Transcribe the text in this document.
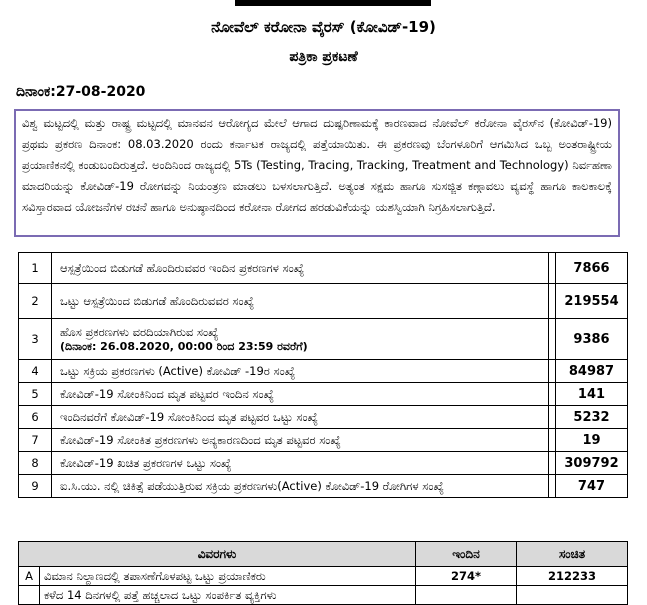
ನೋವೆಲ್ ಕರೋನಾ ವೈರಸ್ (ಕೋವಿಡ್-19)
ಪತ್ರಿಕಾ ಪ್ರಕಟಣೆ
ದಿನಾಂಕ:27-08-2020
ವಿಶ್ವ ಮಟ್ಟದಲ್ಲಿ ಮತ್ತು ರಾಷ್ಟ್ರ ಮಟ್ಟದಲ್ಲಿ ಮಾನವನ ಆರೋಗ್ಯದ ಮೇಲೆ ಆಗಾದ ದುಷ್ಪರಿಣಾಮಕ್ಕೆ ಕಾರಣವಾದ ನೋವೆಲ್ ಕರೋನಾ ವೈರಸ್‍ನ (ಕೋವಿಡ್-19) ಪ್ರಥಮ ಪ್ರಕರಣ ದಿನಾಂಕ: 08.03.2020 ರಂದು ಕರ್ನಾಟಕ ರಾಜ್ಯದಲ್ಲಿ ಪತ್ತೆಯಾಯಿತು. ಈ ಪ್ರಕರಣವು ಬೆಂಗಳೂರಿಗೆ ಆಗಮಿಸಿದ ಒಬ್ಬ ಅಂತರಾಷ್ಟ್ರೀಯ ಪ್ರಯಾಣಿಕನಲ್ಲಿ ಕಂಡುಬಂದಿರುತ್ತದೆ. ಅಂದಿನಿಂದ ರಾಜ್ಯದಲ್ಲಿ 5Ts (Testing, Tracing, Tracking, Treatment and Technology) ನಿರ್ವಹಣಾ ಮಾದರಿಯನ್ನು ಕೋವಿಡ್-19 ರೋಗವನ್ನು ನಿಯಂತ್ರಣ ಮಾಡಲು ಬಳಸಲಾಗುತ್ತಿದೆ. ಅತ್ಯಂತ ಸಕ್ಷಮ ಹಾಗೂ ಸುಸಜ್ಜಿತ ಕಣ್ಗಾವಲು ವ್ಯವಸ್ಥೆ ಹಾಗೂ ಕಾಲಕಾಲಕ್ಕೆ ಸವಿಸ್ತಾರವಾದ ಯೋಜನೆಗಳ ರಚನೆ ಹಾಗೂ ಅನುಷ್ಠಾನದಿಂದ ಕರೋನಾ ರೋಗದ ಹರಡುವಿಕೆಯನ್ನು ಯಶಸ್ವಿಯಾಗಿ ನಿಗ್ರಹಿಸಲಾಗುತ್ತಿದೆ.
1	ಆಸ್ಪತ್ರೆಯಿಂದ ಬಿಡುಗಡೆ ಹೊಂದಿರುವವರ ಇಂದಿನ ಪ್ರಕರಣಗಳ ಸಂಖ್ಯೆ		7866
2	ಒಟ್ಟು ಆಸ್ಪತ್ರೆಯಿಂದ ಬಿಡುಗಡೆ ಹೊಂದಿರುವವರ ಸಂಖ್ಯೆ		219554
3	ಹೊಸ ಪ್ರಕರಣಗಳು ವರದಿಯಾಗಿರುವ ಸಂಖ್ಯೆ
(ದಿನಾಂಕ: 26.08.2020, 00:00 ರಿಂದ 23:59 ರವರೆಗೆ)		9386
4	ಒಟ್ಟು ಸಕ್ರಿಯ ಪ್ರಕರಣಗಳು (Active) ಕೋವಿಡ್ -19ರ ಸಂಖ್ಯೆ		84987
5	ಕೋವಿಡ್-19 ಸೋಂಕಿನಿಂದ ಮೃತ ಪಟ್ಟವರ ಇಂದಿನ ಸಂಖ್ಯೆ		141
6	ಇಂದಿನವರೆಗೆ ಕೋವಿಡ್-19 ಸೋಂಕಿನಿಂದ ಮೃತ ಪಟ್ಟವರ ಒಟ್ಟು ಸಂಖ್ಯೆ		5232
7	ಕೋವಿಡ್-19 ಸೋಂಕಿತ ಪ್ರಕರಣಗಳು ಅನ್ಯಕಾರಣದಿಂದ ಮೃತ ಪಟ್ಟವರ ಸಂಖ್ಯೆ		19
8	ಕೋವಿಡ್-19 ಖಚಿತ ಪ್ರಕರಣಗಳ ಒಟ್ಟು ಸಂಖ್ಯೆ		309792
9	ಐ.ಸಿ.ಯು. ನಲ್ಲಿ ಚಿಕಿತ್ಸೆ ಪಡೆಯುತ್ತಿರುವ ಸಕ್ರಿಯ ಪ್ರಕರಣಗಳು(Active) ಕೋವಿಡ್-19 ರೋಗಿಗಳ ಸಂಖ್ಯೆ		747
ವಿವರಗಳು		ಇಂದಿನ	ಸಂಚಿತ
A	ವಿಮಾನ ನಿಲ್ದಾಣದಲ್ಲಿ ತಪಾಸಣೆಗೊಳಪಟ್ಟ ಒಟ್ಟು ಪ್ರಯಾಣಿಕರು	274*	212233
	ಕಳೆದ 14 ದಿನಗಳಲ್ಲಿ ಪತ್ತೆ ಹಚ್ಚಲಾದ ಒಟ್ಟು ಸಂಪರ್ಕಿತ ವ್ಯಕ್ತಿಗಳು		
